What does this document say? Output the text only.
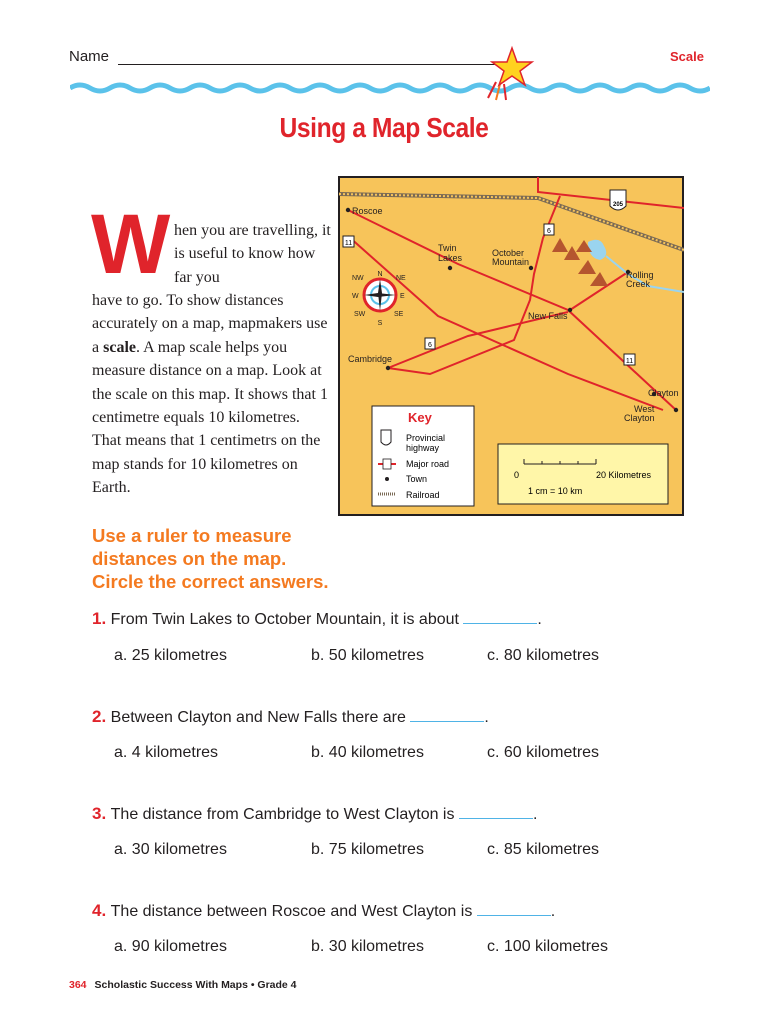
Name	Scale
Using a Map Scale
W hen you are travelling, it is useful to know how far you
have to go. To show distances accurately on a map, mapmakers use a scale. A map scale helps you measure distance on a map. Look at the scale on this map. It shows that 1 centimetre equals 10 kilometres. That means that 1 centimetrs on the map stands for 10 kilometres on Earth.
Roscoe
Twin
Lakes	October
Mountain
Rolling
Creek
New Falls
Cambridge
Clayton
West
Clayton
205
11
6
6
11
N
NE
E
SE
S
SW
W
NW
Key
Provincial
highway
Major road
Town
Railroad
0	20 Kilometres
1 cm = 10 km
Use a ruler to measure
distances on the map.
Circle the correct answers.
1. From Twin Lakes to October Mountain, it is about	.
a. 25 kilometres	b. 50 kilometres	c. 80 kilometres
2. Between Clayton and New Falls there are	.
a. 4 kilometres	b. 40 kilometres	c. 60 kilometres
3. The distance from Cambridge to West Clayton is	.
a. 30 kilometres	b. 75 kilometres	c. 85 kilometres
4. The distance between Roscoe and West Clayton is	.
a. 90 kilometres	b. 30 kilometres	c. 100 kilometres
364 Scholastic Success With Maps • Grade 4
